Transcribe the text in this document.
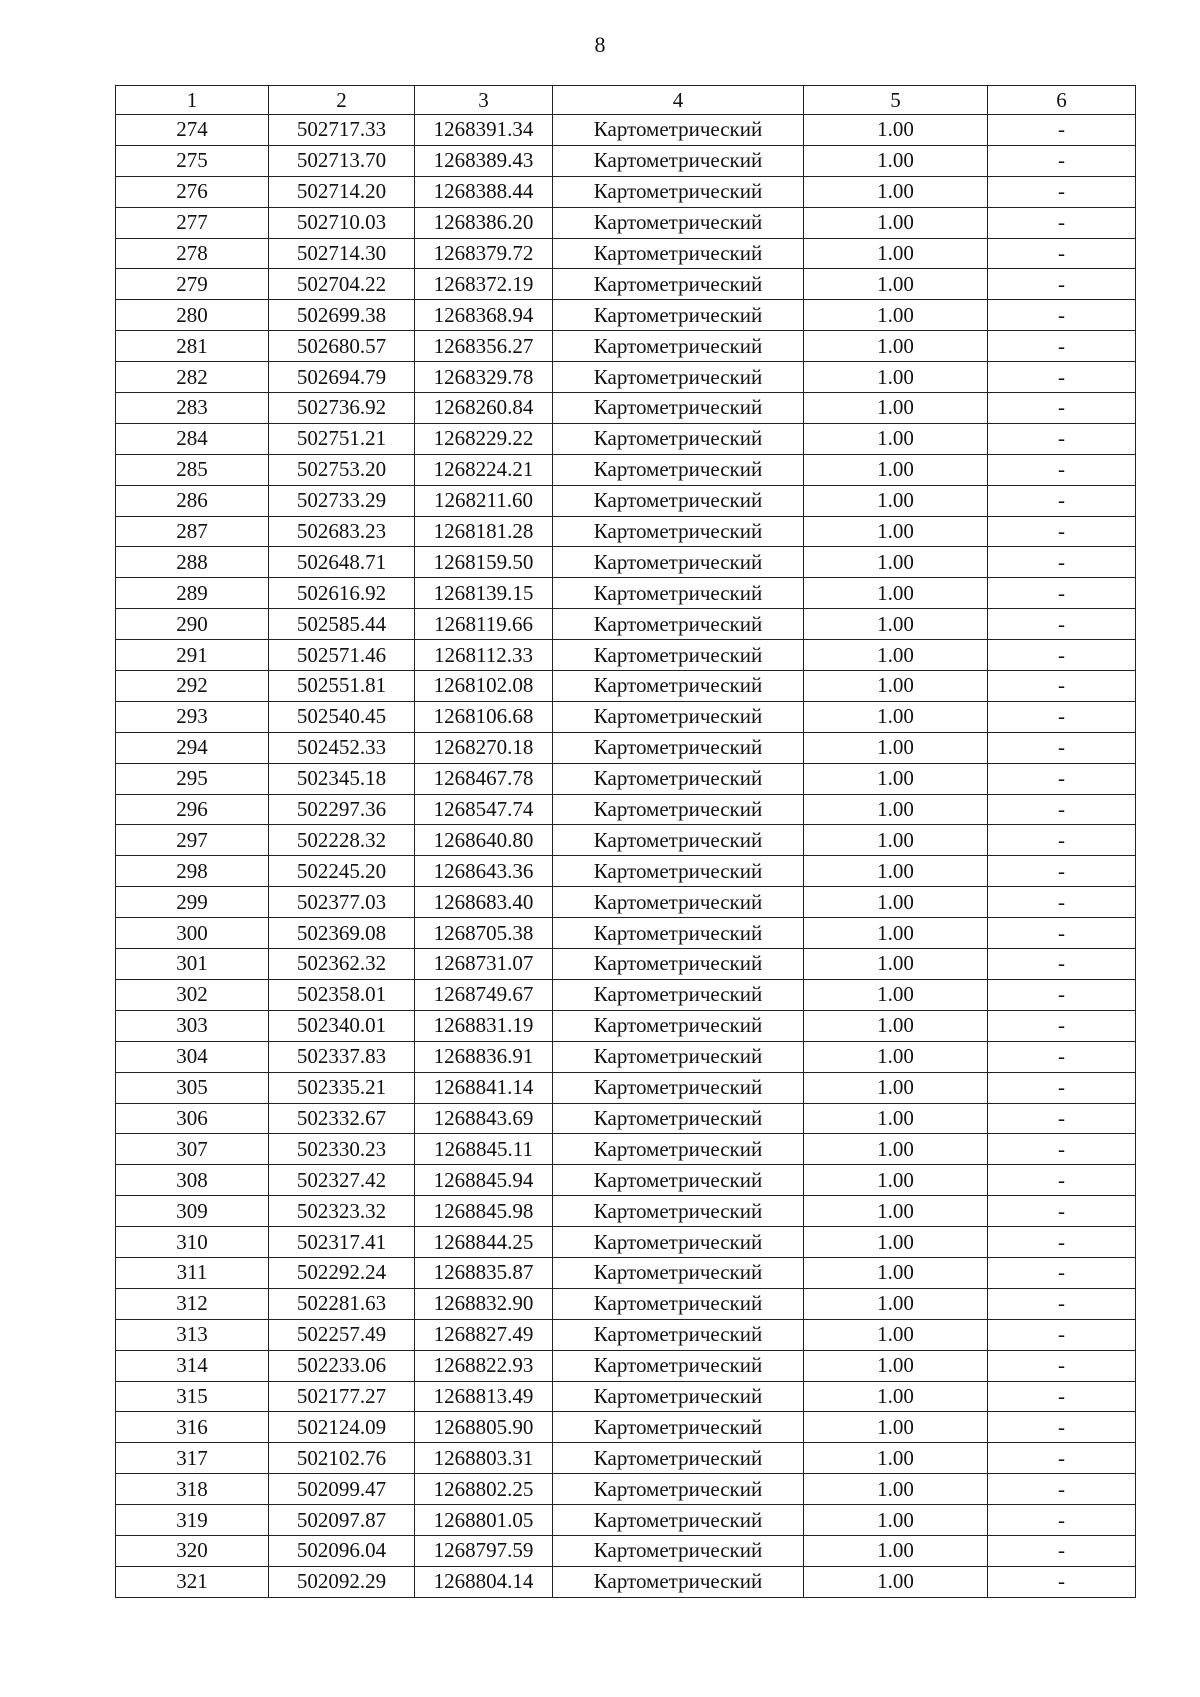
8
1	2	3	4	5	6
274	502717.33	1268391.34	Картометрический	1.00	-
275	502713.70	1268389.43	Картометрический	1.00	-
276	502714.20	1268388.44	Картометрический	1.00	-
277	502710.03	1268386.20	Картометрический	1.00	-
278	502714.30	1268379.72	Картометрический	1.00	-
279	502704.22	1268372.19	Картометрический	1.00	-
280	502699.38	1268368.94	Картометрический	1.00	-
281	502680.57	1268356.27	Картометрический	1.00	-
282	502694.79	1268329.78	Картометрический	1.00	-
283	502736.92	1268260.84	Картометрический	1.00	-
284	502751.21	1268229.22	Картометрический	1.00	-
285	502753.20	1268224.21	Картометрический	1.00	-
286	502733.29	1268211.60	Картометрический	1.00	-
287	502683.23	1268181.28	Картометрический	1.00	-
288	502648.71	1268159.50	Картометрический	1.00	-
289	502616.92	1268139.15	Картометрический	1.00	-
290	502585.44	1268119.66	Картометрический	1.00	-
291	502571.46	1268112.33	Картометрический	1.00	-
292	502551.81	1268102.08	Картометрический	1.00	-
293	502540.45	1268106.68	Картометрический	1.00	-
294	502452.33	1268270.18	Картометрический	1.00	-
295	502345.18	1268467.78	Картометрический	1.00	-
296	502297.36	1268547.74	Картометрический	1.00	-
297	502228.32	1268640.80	Картометрический	1.00	-
298	502245.20	1268643.36	Картометрический	1.00	-
299	502377.03	1268683.40	Картометрический	1.00	-
300	502369.08	1268705.38	Картометрический	1.00	-
301	502362.32	1268731.07	Картометрический	1.00	-
302	502358.01	1268749.67	Картометрический	1.00	-
303	502340.01	1268831.19	Картометрический	1.00	-
304	502337.83	1268836.91	Картометрический	1.00	-
305	502335.21	1268841.14	Картометрический	1.00	-
306	502332.67	1268843.69	Картометрический	1.00	-
307	502330.23	1268845.11	Картометрический	1.00	-
308	502327.42	1268845.94	Картометрический	1.00	-
309	502323.32	1268845.98	Картометрический	1.00	-
310	502317.41	1268844.25	Картометрический	1.00	-
311	502292.24	1268835.87	Картометрический	1.00	-
312	502281.63	1268832.90	Картометрический	1.00	-
313	502257.49	1268827.49	Картометрический	1.00	-
314	502233.06	1268822.93	Картометрический	1.00	-
315	502177.27	1268813.49	Картометрический	1.00	-
316	502124.09	1268805.90	Картометрический	1.00	-
317	502102.76	1268803.31	Картометрический	1.00	-
318	502099.47	1268802.25	Картометрический	1.00	-
319	502097.87	1268801.05	Картометрический	1.00	-
320	502096.04	1268797.59	Картометрический	1.00	-
321	502092.29	1268804.14	Картометрический	1.00	-
